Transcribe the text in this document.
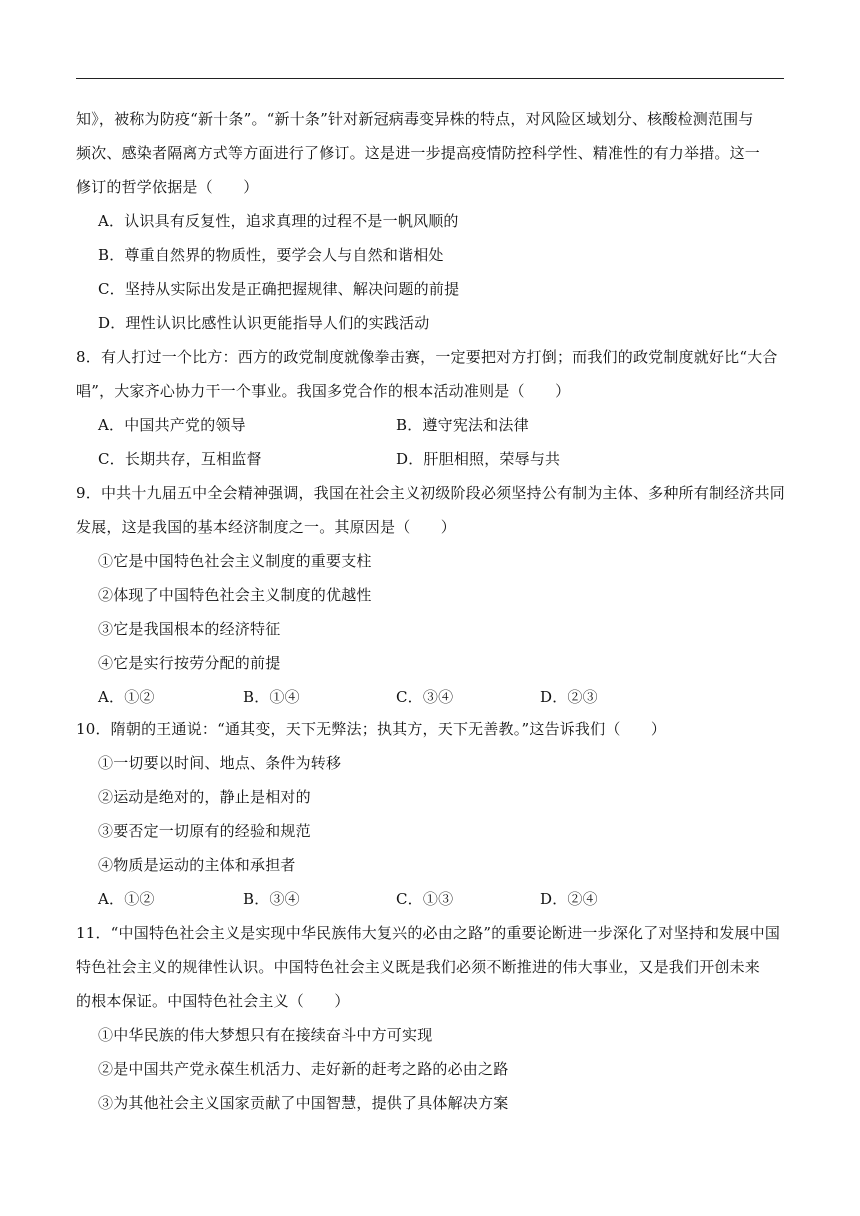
知》，被称为防疫“新十条”。“新十条”针对新冠病毒变异株的特点，对风险区域划分、核酸检测范围与
频次、感染者隔离方式等方面进行了修订。这是进一步提高疫情防控科学性、精准性的有力举措。这一
修订的哲学依据是（　　）
A．认识具有反复性，追求真理的过程不是一帆风顺的
B．尊重自然界的物质性，要学会人与自然和谐相处
C．坚持从实际出发是正确把握规律、解决问题的前提
D．理性认识比感性认识更能指导人们的实践活动
8．有人打过一个比方：西方的政党制度就像拳击赛，一定要把对方打倒；而我们的政党制度就好比“大合
唱”，大家齐心协力干一个事业。我国多党合作的根本活动准则是（　　）
A．中国共产党的领导	B．遵守宪法和法律
C．长期共存，互相监督	D．肝胆相照，荣辱与共
9．中共十九届五中全会精神强调，我国在社会主义初级阶段必须坚持公有制为主体、多种所有制经济共同
发展，这是我国的基本经济制度之一。其原因是（　　）
①它是中国特色社会主义制度的重要支柱
②体现了中国特色社会主义制度的优越性
③它是我国根本的经济特征
④它是实行按劳分配的前提
A．①②	B．①④	C．③④	D．②③
10．隋朝的王通说：“通其变，天下无弊法；执其方，天下无善教。”这告诉我们（　　）
①一切要以时间、地点、条件为转移
②运动是绝对的，静止是相对的
③要否定一切原有的经验和规范
④物质是运动的主体和承担者
A．①②	B．③④	C．①③	D．②④
11．“中国特色社会主义是实现中华民族伟大复兴的必由之路”的重要论断进一步深化了对坚持和发展中国
特色社会主义的规律性认识。中国特色社会主义既是我们必须不断推进的伟大事业，又是我们开创未来
的根本保证。中国特色社会主义（　　）
①中华民族的伟大梦想只有在接续奋斗中方可实现
②是中国共产党永葆生机活力、走好新的赶考之路的必由之路
③为其他社会主义国家贡献了中国智慧，提供了具体解决方案
